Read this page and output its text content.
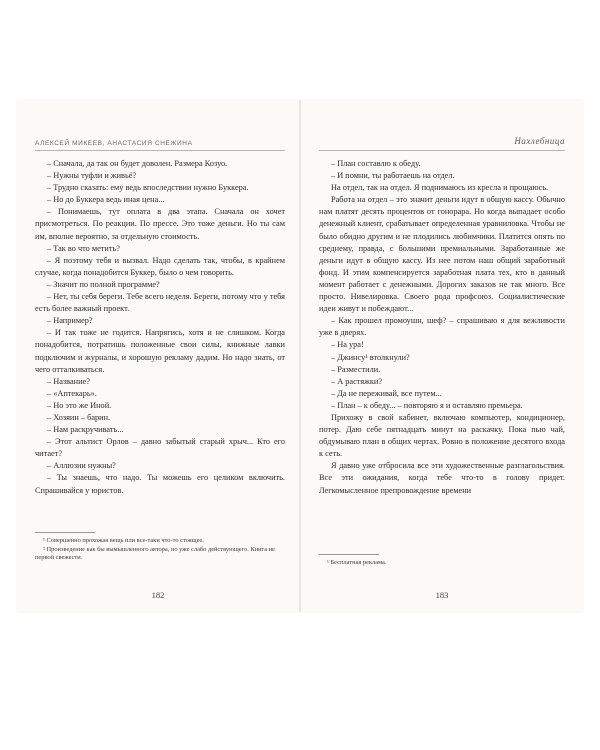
АЛЕКСЕЙ МИКЕЕВ, АНАСТАСИЯ СНЕЖИНА

– Сначала, да так он будет доволен. Размера Козуо.

– Нужны туфли и живьё?

– Трудно сказать: ему ведь впоследствии нужно Буккера.

– Но до Буккера ведь иная цена...

– Понимаешь, тут оплата в два этапа. Сначала он хочет присмотреться. По реакции. По прессе. Это тоже деньги. Но ты сам им, вполне вероятно, за отдельную стоимость.

– Так во что метить?

– Я поэтому тебя и вызвал. Надо сделать так, чтобы, в крайнем случае, когда понадобится Буккер, было о чем говорить.

– Значит по полной программе?

– Нет, ты себя береги. Тебе всего неделя. Береги, потому что у тебя есть более важный проект.

– Например?

– И так тоже не годится. Напрягись, хотя и не слишком. Когда понадобится, потратишь положенные свои силы, книжные лавки подключим и журналы, и хорошую рекламу дадим. Но надо знать, от чего отталкиваться.

– Название?

– «Аптекарь».

– Но это же Иной.

– Хозяин – барин.

– Нам раскручивать...

– Этот альтист Орлов – давно забытый старый хрыч... Кто его читает?

– Аллюзии нужны?

– Ты знаешь, что надо. Ты можешь его целиком включить. Спрашивайся у юристов.

¹ Совершенно прохожая вещь или все-таки что-то стоящее.

² Произведение как бы вымышленного автора, но уже слабо действующего. Книга не первой свежести.

182
Нахлебница

– План составлю к обеду.

– И помни, ты работаешь на отдел.

На отдел, так на отдел. Я поднимаюсь из кресла и прощаюсь.

Работа на отдел – это значит деньги идут в общую кассу. Обычно нам платят десять процентов от гонорара. Но когда выпадает особо денежный клиент, срабатывает определенная уравниловка. Чтобы не было обидно другим и не плодились любимчики. Платится опять по среднему, правда, с большими премиальными. Заработанные же деньги идут в общую кассу. Из нее потом наш общий заработный фонд. И этим компенсируется заработная плата тех, кто в данный момент работает с денежными. Дорогих заказов не так много. Все просто. Нивелировка. Своего рода профсоюз. Социалистические идеи живут и побеждают...

– Как прошел промоушн, шеф? – спрашиваю я для вежливости уже в дверях.

– На ура!

– Джинсу¹ втолкнули?

– Разместили.

– А растяжки?

– Да не переживай, все путем...

– План – к обеду... – повторяю я и оставляю премьера.

Прихожу в свой кабинет, включаю компьютер, кондиционер, потер. Даю себе пятнадцать минут на раскачку. Пока пью чай, обдумываю план в общих чертах. Ровно в положение десятого входа к сеть.

Я давно уже отбросила все эти художественные разглагольствия. Все эти ожидания, когда тебе что-то в голову придет. Легкомысленное препровождение времени

¹ Бесплатная реклама.

183
